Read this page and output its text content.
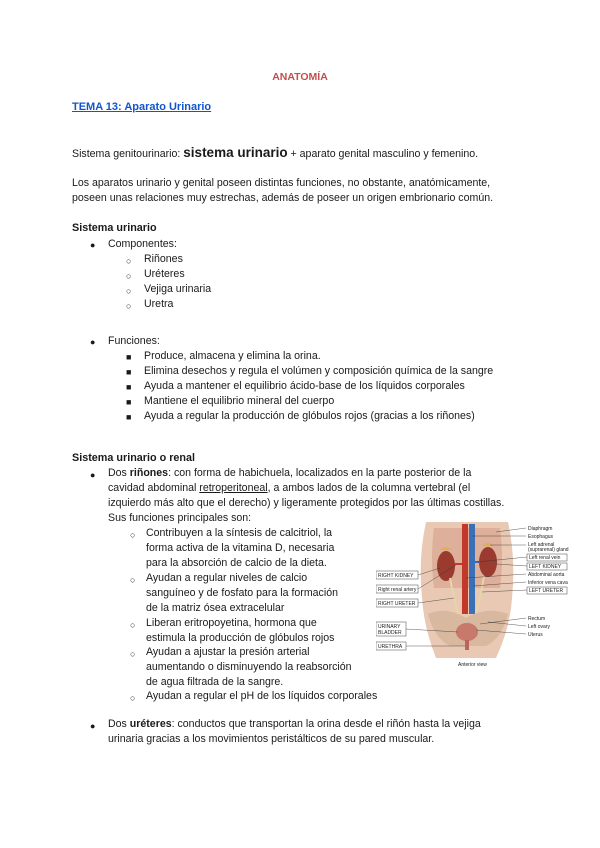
ANATOMÍA
TEMA 13: Aparato Urinario
Sistema genitourinario: sistema urinario + aparato genital masculino y femenino.
Los aparatos urinario y genital poseen distintas funciones, no obstante, anatómicamente,
poseen unas relaciones muy estrechas, además de poseer un origen embrionario común.
Sistema urinario
● Componentes:
○ Riñones
○ Uréteres
○ Vejiga urinaria
○ Uretra
● Funciones:
■ Produce, almacena y elimina la orina.
■ Elimina desechos y regula el volúmen y composición química de la sangre
■ Ayuda a mantener el equilibrio ácido-base de los líquidos corporales
■ Mantiene el equilibrio mineral del cuerpo
■ Ayuda a regular la producción de glóbulos rojos (gracias a los riñones)
Sistema urinario o renal
● Dos riñones: con forma de habichuela, localizados en la parte posterior de la
cavidad abdominal retroperitoneal, a ambos lados de la columna vertebral (el
izquierdo más alto que el derecho) y ligeramente protegidos por las últimas costillas.
Sus funciones principales son:
○ Contribuyen a la síntesis de calcitriol, la
forma activa de la vitamina D, necesaria
para la absorción de calcio de la dieta.
○ Ayudan a regular niveles de calcio
sanguíneo y de fosfato para la formación
de la matriz ósea extracelular
○ Liberan eritropoyetina, hormona que
estimula la producción de glóbulos rojos
○ Ayudan a ajustar la presión arterial
aumentando o disminuyendo la reabsorción
de agua filtrada de la sangre.
○ Ayudan a regular el pH de los líquidos corporales
● Dos uréteres: conductos que transportan la orina desde el riñón hasta la vejiga
urinaria gracias a los movimientos peristálticos de su pared muscular.
RIGHT KIDNEY
Right renal artery
RIGHT URETER
URINARY
BLADDER
URETHRA
Diaphragm
Esophagus
Left adrenal
(suprarenal) gland
Left renal vein
LEFT KIDNEY
Abdominal aorta
Inferior vena cava
LEFT URETER
Rectum
Left ovary
Uterus
Anterior view
